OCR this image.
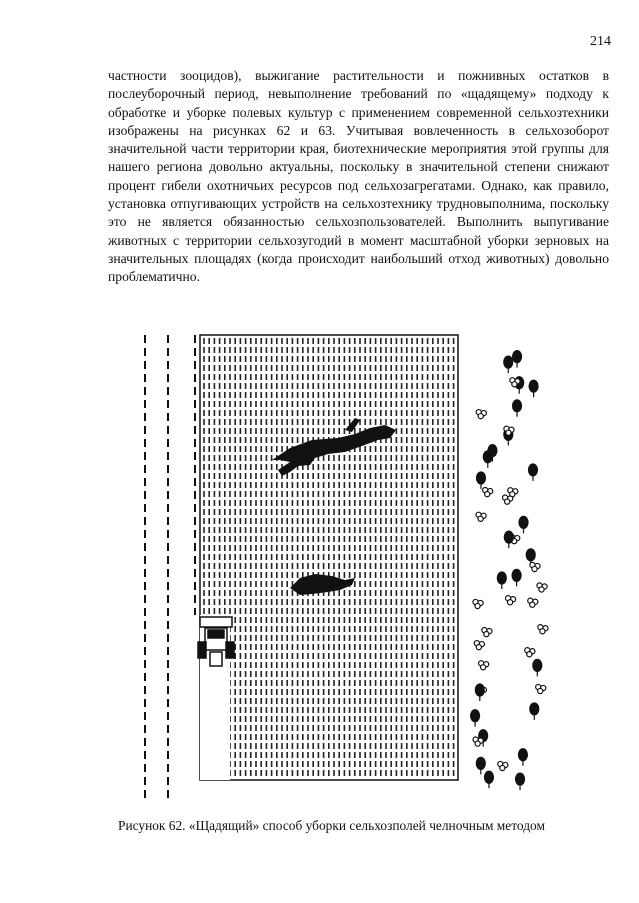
214

частности зооцидов), выжигание растительности и пожнивных остатков в послеуборочный период, невыполнение требований по «щадящему» подходу к обработке и уборке полевых культур с применением современной сельхозтехники изображены на рисунках 62 и 63. Учитывая вовлеченность в сельхозоборот значительной части территории края, биотехнические мероприятия этой группы для нашего региона довольно актуальны, поскольку в значительной степени снижают процент гибели охотничьих ресурсов под сельхозагрегатами. Однако, как правило, установка отпугивающих устройств на сельхозтехнику трудновыполнима, поскольку это не является обязанностью сельхозпользователей. Выполнить выпугивание животных с территории сельхозугодий в момент масштабной уборки зерновых на значительных площадях (когда происходит наибольший отход животных) довольно проблематично.

Рисунок 62. «Щадящий» способ уборки сельхозполей челночным методом
